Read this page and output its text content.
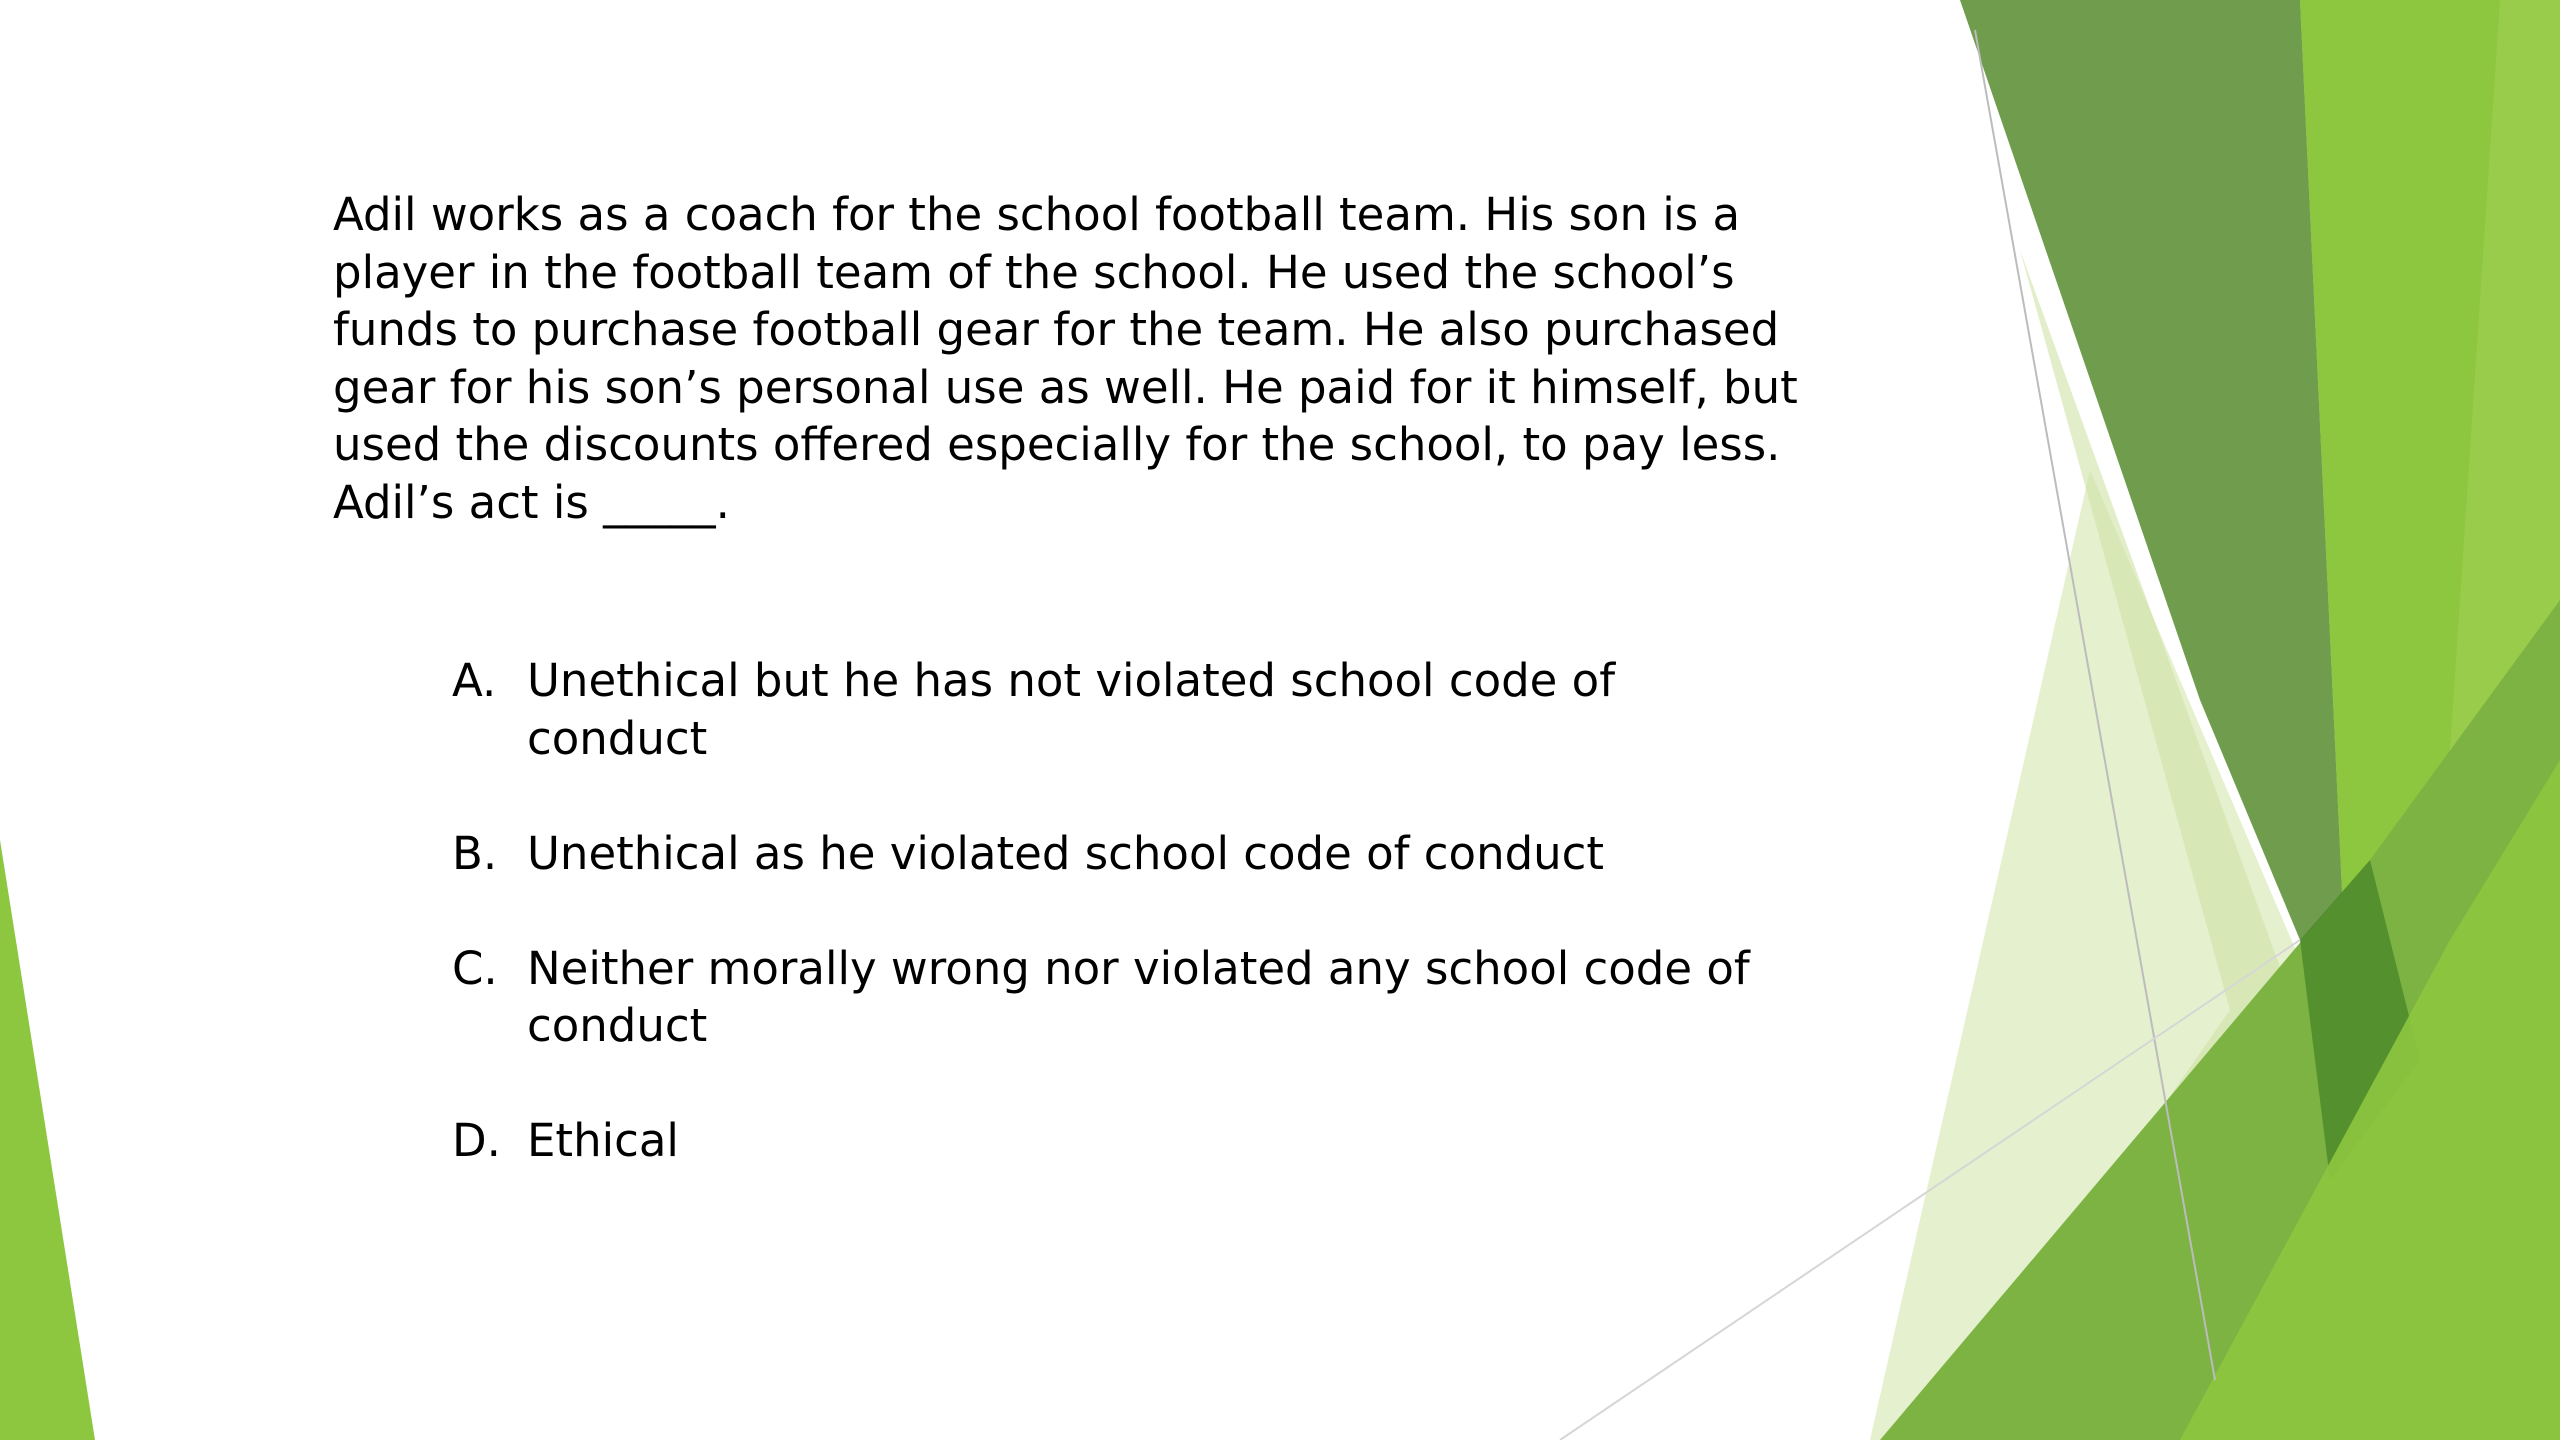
Adil works as a coach for the school football team. His son is a player in the football team of the school. He used the school’s funds to purchase football gear for the team. He also purchased gear for his son’s personal use as well. He paid for it himself, but used the discounts offered especially for the school, to pay less. Adil’s act is _____.

A. Unethical but he has not violated school code of conduct
B. Unethical as he violated school code of conduct
C. Neither morally wrong nor violated any school code of conduct
D. Ethical
